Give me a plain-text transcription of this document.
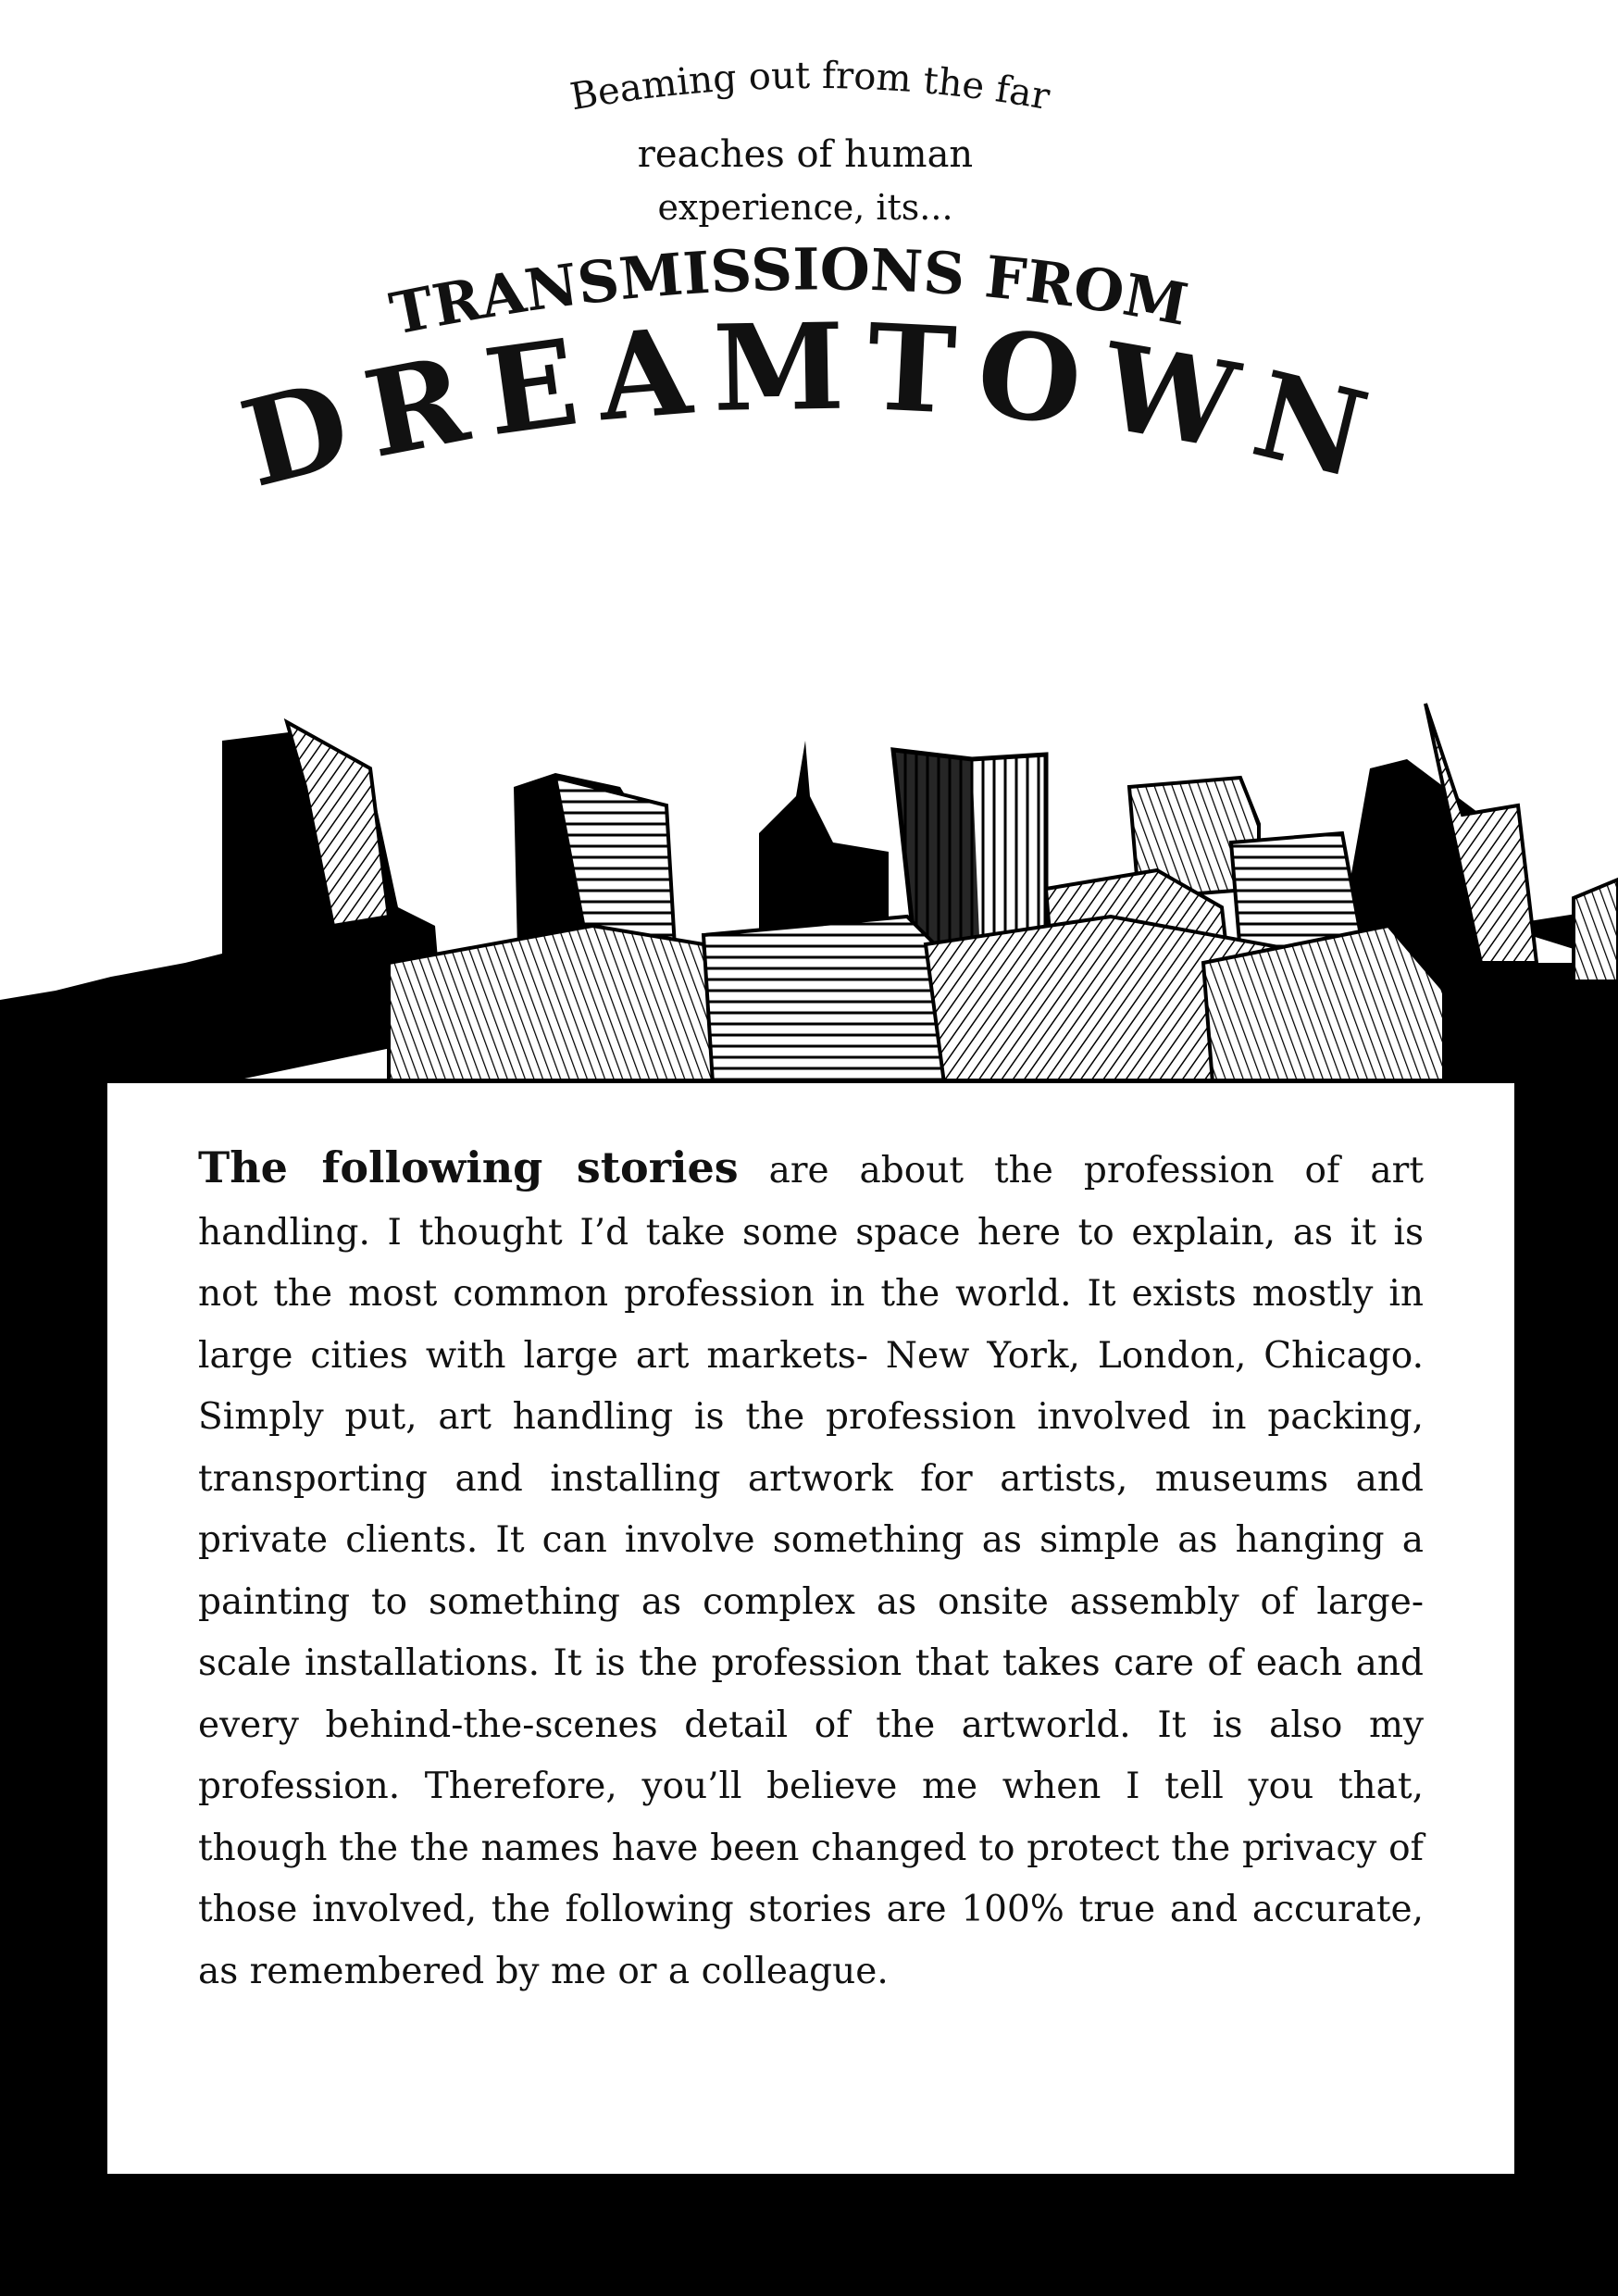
Beaming out from the far
reaches of human
experience, its...
TRANSMISSIONS FROM
DREAMTOWN

The following stories are about the profession of art handling. I thought I’d take some space here to explain, as it is not the most common profession in the world. It exists mostly in large cities with large art markets- New York, London, Chicago. Simply put, art handling is the profession involved in packing, transporting and installing artwork for artists, museums and private clients. It can involve something as simple as hanging a painting to something as complex as onsite assembly of large-scale installations. It is the profession that takes care of each and every behind-the-scenes detail of the artworld. It is also my profession. Therefore, you’ll believe me when I tell you that, though the the names have been changed to protect the privacy of those involved, the following stories are 100% true and accurate, as remembered by me or a colleague.
